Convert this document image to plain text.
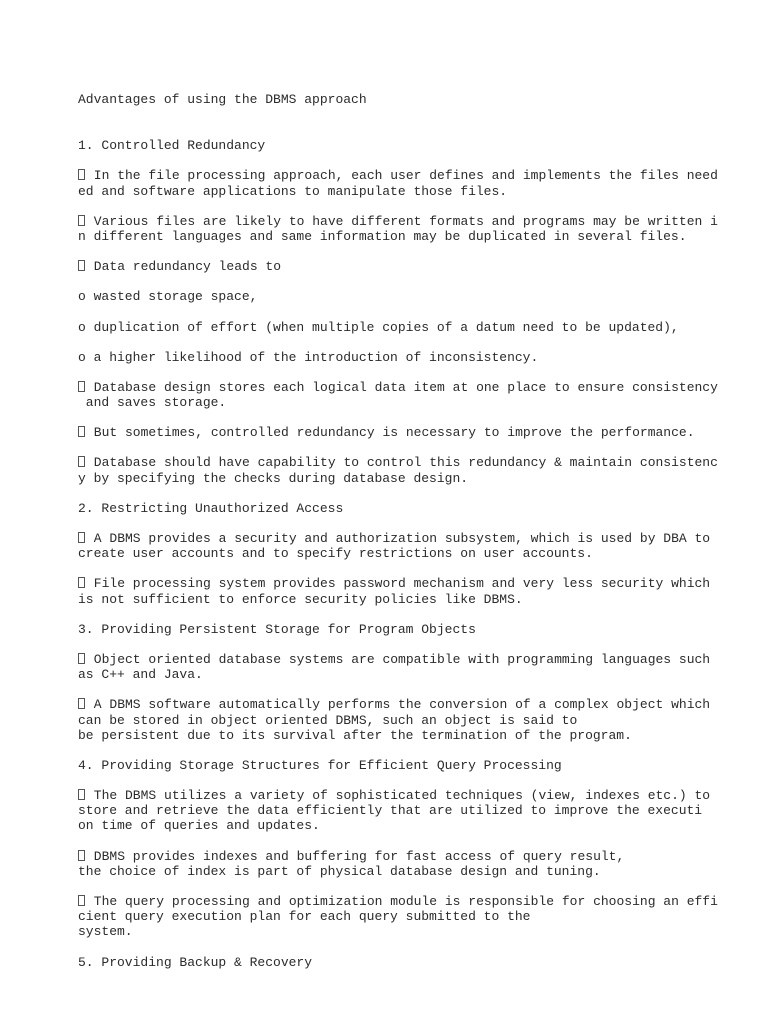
Advantages of using the DBMS approach
1. Controlled Redundancy
In the file processing approach, each user defines and implements the files need
ed and software applications to manipulate those files.
Various files are likely to have different formats and programs may be written i
n different languages and same information may be duplicated in several files.
Data redundancy leads to
o wasted storage space,
o duplication of effort (when multiple copies of a datum need to be updated),
o a higher likelihood of the introduction of inconsistency.
Database design stores each logical data item at one place to ensure consistency
and saves storage.
But sometimes, controlled redundancy is necessary to improve the performance.
Database should have capability to control this redundancy & maintain consistenc
y by specifying the checks during database design.
2. Restricting Unauthorized Access
A DBMS provides a security and authorization subsystem, which is used by DBA to
create user accounts and to specify restrictions on user accounts.
File processing system provides password mechanism and very less security which
is not sufficient to enforce security policies like DBMS.
3. Providing Persistent Storage for Program Objects
Object oriented database systems are compatible with programming languages such
as C++ and Java.
A DBMS software automatically performs the conversion of a complex object which
can be stored in object oriented DBMS, such an object is said to
be persistent due to its survival after the termination of the program.
4. Providing Storage Structures for Efficient Query Processing
The DBMS utilizes a variety of sophisticated techniques (view, indexes etc.) to
store and retrieve the data efficiently that are utilized to improve the executi
on time of queries and updates.
DBMS provides indexes and buffering for fast access of query result,
the choice of index is part of physical database design and tuning.
The query processing and optimization module is responsible for choosing an effi
cient query execution plan for each query submitted to the
system.
5. Providing Backup & Recovery
